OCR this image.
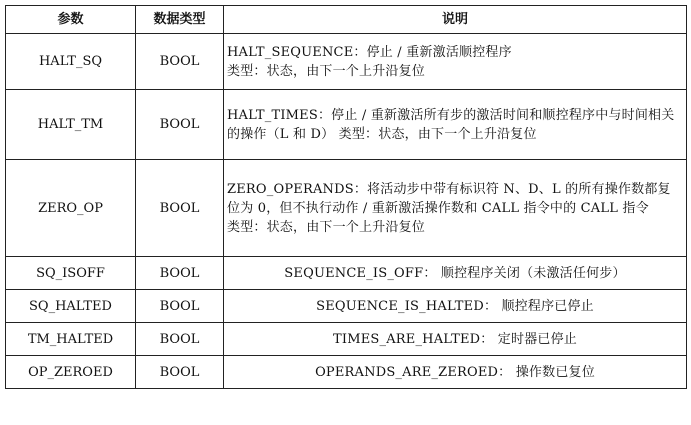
参数	数据类型	说明
HALT_SQ	BOOL	HALT_SEQUENCE：停止 / 重新激活顺控程序
类型：状态，由下一个上升沿复位

HALT_TM	BOOL	HALT_TIMES：停止 / 重新激活所有步的激活时间和顺控程序中与时间相关的操作（L 和 D） 类型：状态，由下一个上升沿复位

ZERO_OP	BOOL	ZERO_OPERANDS：将活动步中带有标识符 N、D、L 的所有操作数都复位为 0，但不执行动作 / 重新激活操作数和 CALL 指令中的 CALL 指令
类型：状态，由下一个上升沿复位

SQ_ISOFF	BOOL	SEQUENCE_IS_OFF： 顺控程序关闭（未激活任何步）
SQ_HALTED	BOOL	SEQUENCE_IS_HALTED： 顺控程序已停止
TM_HALTED	BOOL	TIMES_ARE_HALTED： 定时器已停止
OP_ZEROED	BOOL	OPERANDS_ARE_ZEROED： 操作数已复位
